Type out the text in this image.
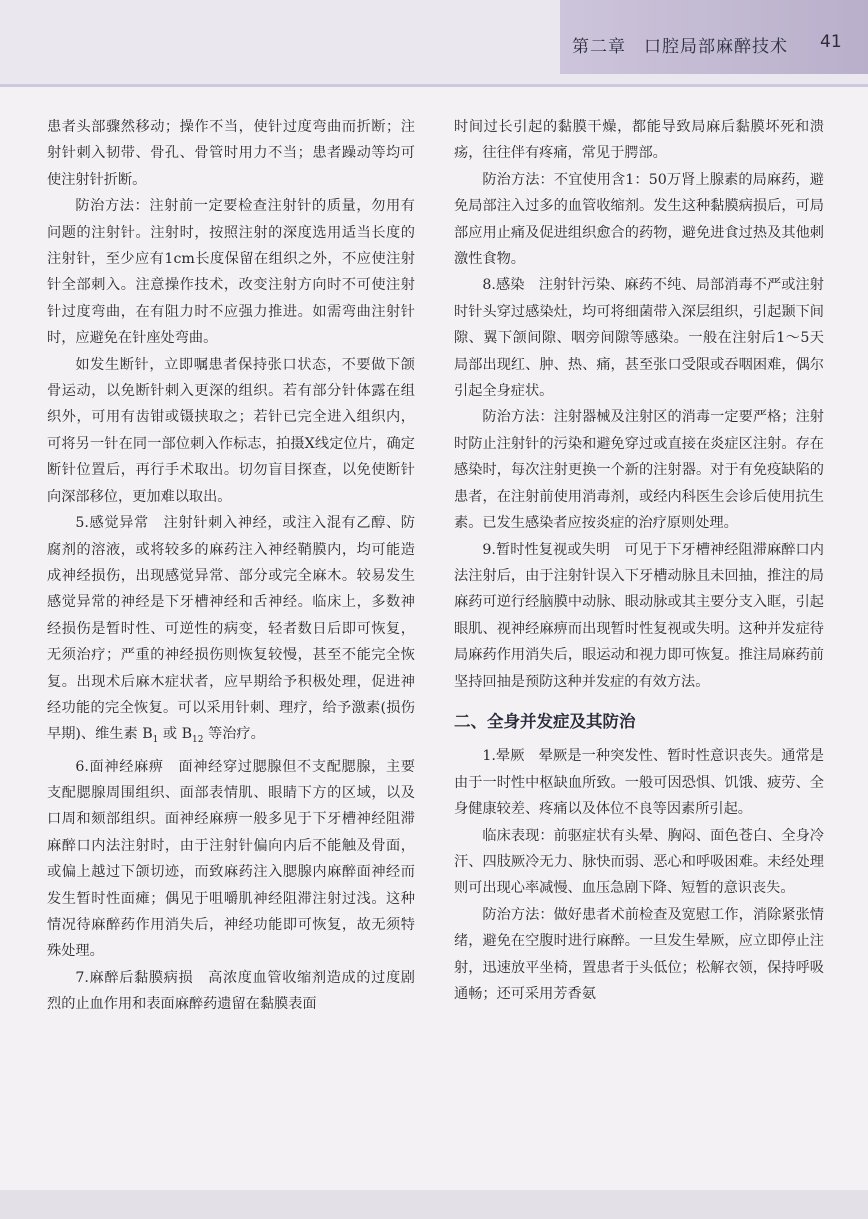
第二章　口腔局部麻醉技术 41

患者头部骤然移动；操作不当，使针过度弯曲而折断；注射针刺入韧带、骨孔、骨管时用力不当；患者躁动等均可使注射针折断。

防治方法：注射前一定要检查注射针的质量，勿用有问题的注射针。注射时，按照注射的深度选用适当长度的注射针，至少应有1cm长度保留在组织之外，不应使注射针全部刺入。注意操作技术，改变注射方向时不可使注射针过度弯曲，在有阻力时不应强力推进。如需弯曲注射针时，应避免在针座处弯曲。

如发生断针，立即嘱患者保持张口状态，不要做下颌骨运动，以免断针刺入更深的组织。若有部分针体露在组织外，可用有齿钳或镊挟取之；若针已完全进入组织内，可将另一针在同一部位刺入作标志，拍摄X线定位片，确定断针位置后，再行手术取出。切勿盲目探查，以免使断针向深部移位，更加难以取出。

5.感觉异常　注射针刺入神经，或注入混有乙醇、防腐剂的溶液，或将较多的麻药注入神经鞘膜内，均可能造成神经损伤，出现感觉异常、部分或完全麻木。较易发生感觉异常的神经是下牙槽神经和舌神经。临床上，多数神经损伤是暂时性、可逆性的病变，轻者数日后即可恢复，无须治疗；严重的神经损伤则恢复较慢，甚至不能完全恢复。出现术后麻木症状者，应早期给予积极处理，促进神经功能的完全恢复。可以采用针刺、理疗，给予激素(损伤早期)、维生素 $B_1$ 或 $B_{12}$ 等治疗。

6.面神经麻痹　面神经穿过腮腺但不支配腮腺，主要支配腮腺周围组织、面部表情肌、眼睛下方的区域，以及口周和颏部组织。面神经麻痹一般多见于下牙槽神经阻滞麻醉口内法注射时，由于注射针偏向内后不能触及骨面，或偏上越过下颌切迹，而致麻药注入腮腺内麻醉面神经而发生暂时性面瘫；偶见于咀嚼肌神经阻滞注射过浅。这种情况待麻醉药作用消失后，神经功能即可恢复，故无须特殊处理。

7.麻醉后黏膜病损　高浓度血管收缩剂造成的过度剧烈的止血作用和表面麻醉药遗留在黏膜表面

时间过长引起的黏膜干燥，都能导致局麻后黏膜坏死和溃疡，往往伴有疼痛，常见于腭部。

防治方法：不宜使用含1：50万肾上腺素的局麻药，避免局部注入过多的血管收缩剂。发生这种黏膜病损后，可局部应用止痛及促进组织愈合的药物，避免进食过热及其他刺激性食物。

8.感染　注射针污染、麻药不纯、局部消毒不严或注射时针头穿过感染灶，均可将细菌带入深层组织，引起颞下间隙、翼下颌间隙、咽旁间隙等感染。一般在注射后1～5天局部出现红、肿、热、痛，甚至张口受限或吞咽困难，偶尔引起全身症状。

防治方法：注射器械及注射区的消毒一定要严格；注射时防止注射针的污染和避免穿过或直接在炎症区注射。存在感染时，每次注射更换一个新的注射器。对于有免疫缺陷的患者，在注射前使用消毒剂，或经内科医生会诊后使用抗生素。已发生感染者应按炎症的治疗原则处理。

9.暂时性复视或失明　可见于下牙槽神经阻滞麻醉口内法注射后，由于注射针误入下牙槽动脉且未回抽，推注的局麻药可逆行经脑膜中动脉、眼动脉或其主要分支入眶，引起眼肌、视神经麻痹而出现暂时性复视或失明。这种并发症待局麻药作用消失后，眼运动和视力即可恢复。推注局麻药前坚持回抽是预防这种并发症的有效方法。

二、全身并发症及其防治

1.晕厥　晕厥是一种突发性、暂时性意识丧失。通常是由于一时性中枢缺血所致。一般可因恐惧、饥饿、疲劳、全身健康较差、疼痛以及体位不良等因素所引起。

临床表现：前驱症状有头晕、胸闷、面色苍白、全身冷汗、四肢厥冷无力、脉快而弱、恶心和呼吸困难。未经处理则可出现心率减慢、血压急剧下降、短暂的意识丧失。

防治方法：做好患者术前检查及宽慰工作，消除紧张情绪，避免在空腹时进行麻醉。一旦发生晕厥，应立即停止注射，迅速放平坐椅，置患者于头低位；松解衣领，保持呼吸通畅；还可采用芳香氨
